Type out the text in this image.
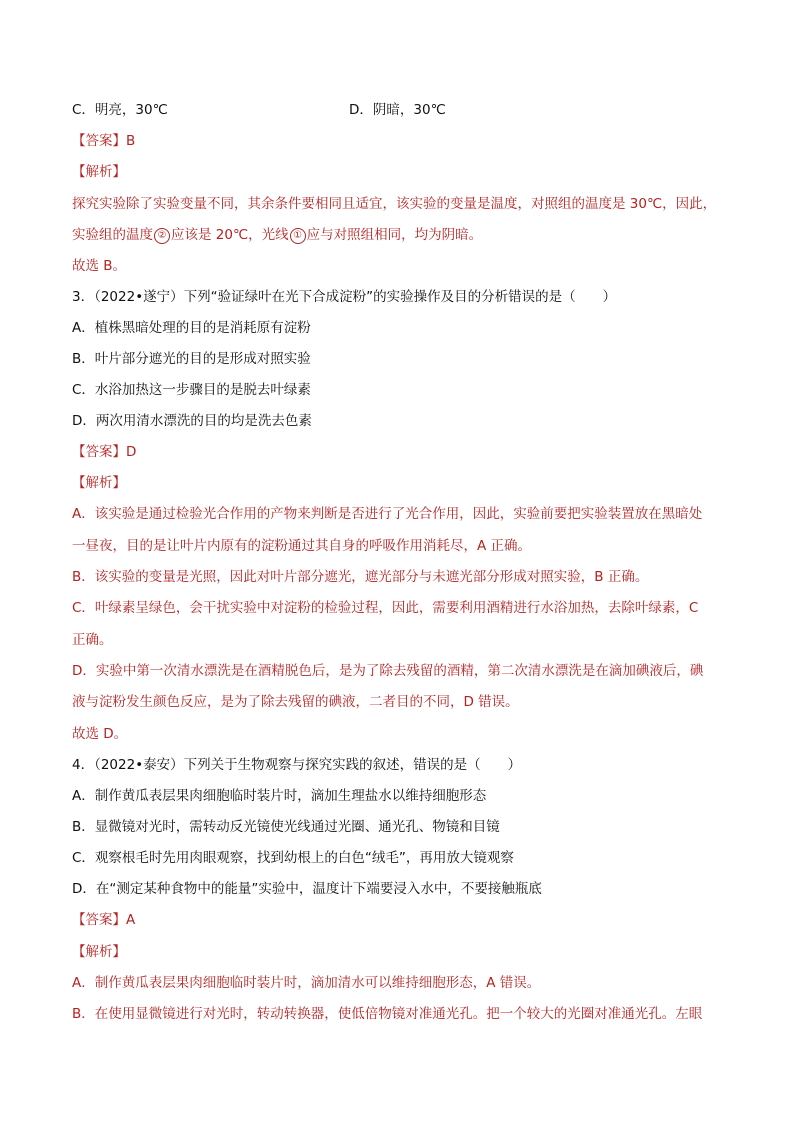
C．明亮，30℃	D．阴暗，30℃
【答案】B
【解析】
探究实验除了实验变量不同，其余条件要相同且适宜，该实验的变量是温度，对照组的温度是 30℃，因此，
实验组的温度 ② 应该是 20℃，光线 ① 应与对照组相同，均为阴暗。
故选 B。
3．（2022•遂宁）下列“验证绿叶在光下合成淀粉”的实验操作及目的分析错误的是（　　）
A．植株黑暗处理的目的是消耗原有淀粉
B．叶片部分遮光的目的是形成对照实验
C．水浴加热这一步骤目的是脱去叶绿素
D．两次用清水漂洗的目的均是洗去色素
【答案】D
【解析】
A．该实验是通过检验光合作用的产物来判断是否进行了光合作用，因此，实验前要把实验装置放在黑暗处
一昼夜，目的是让叶片内原有的淀粉通过其自身的呼吸作用消耗尽，A 正确。
B．该实验的变量是光照，因此对叶片部分遮光，遮光部分与未遮光部分形成对照实验，B 正确。
C．叶绿素呈绿色，会干扰实验中对淀粉的检验过程，因此，需要利用酒精进行水浴加热，去除叶绿素，C
正确。
D．实验中第一次清水漂洗是在酒精脱色后，是为了除去残留的酒精，第二次清水漂洗是在滴加碘液后，碘
液与淀粉发生颜色反应，是为了除去残留的碘液，二者目的不同，D 错误。
故选 D。
4．（2022•泰安）下列关于生物观察与探究实践的叙述，错误的是（　　）
A．制作黄瓜表层果肉细胞临时装片时，滴加生理盐水以维持细胞形态
B．显微镜对光时，需转动反光镜使光线通过光圈、通光孔、物镜和目镜
C．观察根毛时先用肉眼观察，找到幼根上的白色“绒毛”，再用放大镜观察
D．在“测定某种食物中的能量”实验中，温度计下端要浸入水中，不要接触瓶底
【答案】A
【解析】
A．制作黄瓜表层果肉细胞临时装片时，滴加清水可以维持细胞形态，A 错误。
B．在使用显微镜进行对光时，转动转换器，使低倍物镜对准通光孔。把一个较大的光圈对准通光孔。左眼
